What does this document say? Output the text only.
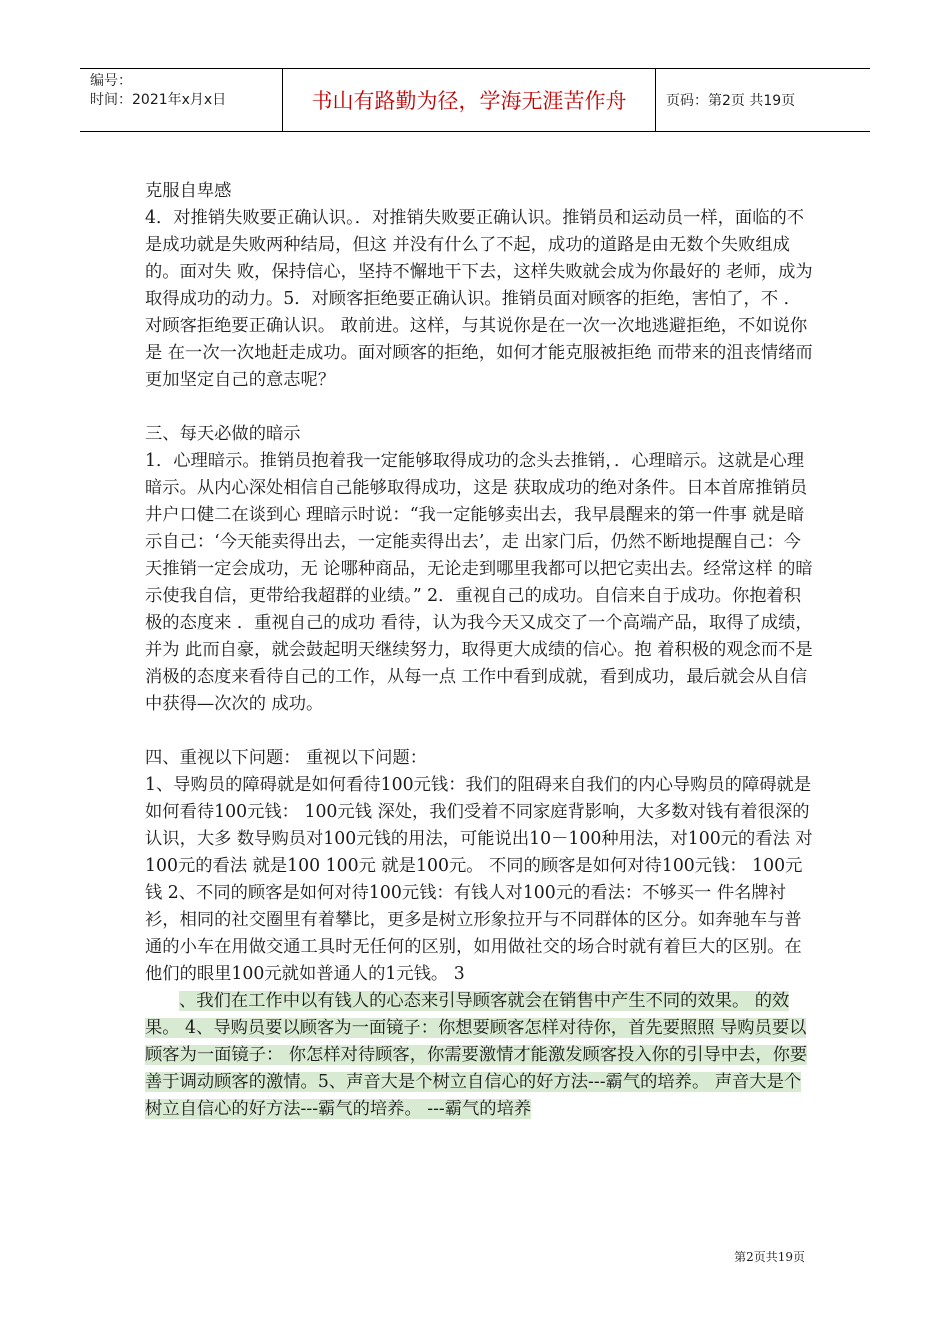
编号：
时间：2021年x月x日	书山有路勤为径，学海无涯苦作舟	页码：第2页 共19页

克服自卑感

4．对推销失败要正确认识。．对推销失败要正确认识。推销员和运动员一样，面临的不是成功就是失败两种结局，但这 并没有什么了不起，成功的道路是由无数个失败组成的。面对失 败，保持信心，坚持不懈地干下去，这样失败就会成为你最好的 老师，成为取得成功的动力。5．对顾客拒绝要正确认识。推销员面对顾客的拒绝，害怕了，不 ．对顾客拒绝要正确认识。 敢前进。这样，与其说你是在一次一次地逃避拒绝，不如说你是 在一次一次地赶走成功。面对顾客的拒绝，如何才能克服被拒绝 而带来的沮丧情绪而更加坚定自己的意志呢？

三、每天必做的暗示

1．心理暗示。推销员抱着我一定能够取得成功的念头去推销，．心理暗示。这就是心理暗示。从内心深处相信自己能够取得成功，这是 获取成功的绝对条件。日本首席推销员井户口健二在谈到心 理暗示时说：“我一定能够卖出去，我早晨醒来的第一件事 就是暗示自己：‘今天能卖得出去，一定能卖得出去’，走 出家门后，仍然不断地提醒自己：今天推销一定会成功，无 论哪种商品，无论走到哪里我都可以把它卖出去。经常这样 的暗示使我自信，更带给我超群的业绩。” 2．重视自己的成功。自信来自于成功。你抱着积极的态度来 ．重视自己的成功 看待，认为我今天又成交了一个高端产品，取得了成绩，并为 此而自豪，就会鼓起明天继续努力，取得更大成绩的信心。抱 着积极的观念而不是消极的态度来看待自己的工作，从每一点 工作中看到成就，看到成功，最后就会从自信中获得—次次的 成功。

四、重视以下问题： 重视以下问题：

1、导购员的障碍就是如何看待100元钱：我们的阻碍来自我们的内心导购员的障碍就是如何看待100元钱： 100元钱 深处，我们受着不同家庭背影响，大多数对钱有着很深的认识，大多 数导购员对100元钱的用法，可能说出10－100种用法，对100元的看法 对100元的看法 就是100 100元 就是100元。 不同的顾客是如何对待100元钱： 100元钱 2、不同的顾客是如何对待100元钱：有钱人对100元的看法：不够买一 件名牌衬衫，相同的社交圈里有着攀比，更多是树立形象拉开与不同群体的区分。如奔驰车与普通的小车在用做交通工具时无任何的区别，如用做社交的场合时就有着巨大的区别。在他们的眼里100元就如普通人的1元钱。 3

、我们在工作中以有钱人的心态来引导顾客就会在销售中产生不同的效果。 的效果。 4、导购员要以顾客为一面镜子：你想要顾客怎样对待你，首先要照照 导购员要以顾客为一面镜子： 你怎样对待顾客，你需要激情才能激发顾客投入你的引导中去，你要 善于调动顾客的激情。5、声音大是个树立自信心的好方法---霸气的培养。 声音大是个树立自信心的好方法---霸气的培养。 ---霸气的培养

第2页共19页
